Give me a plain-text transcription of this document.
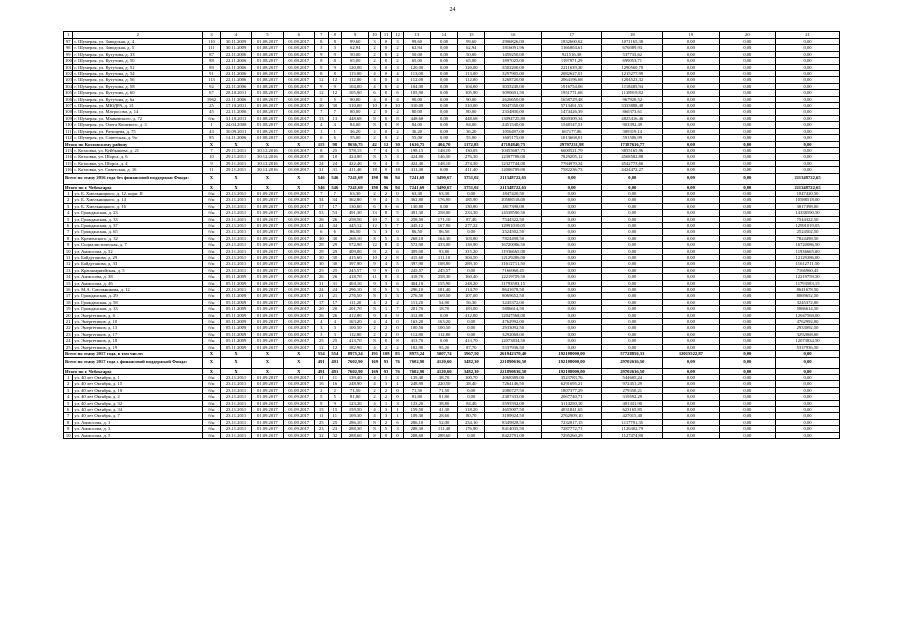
24
1	2	3	4	5	6	7	8	9	10	11	12	13	14	15	16	17	18	19	20	21
97	г. Шумерля, ул. Заводская, д. 4	110	30.11.2009	01.08.2017	01.08.2017	8	8	99,60	3	0	3	99,60	0,00	99,60	2906826,00	1832660,62	1071165,38	0,00	0,00	0,00
98	г. Шумерля, ул. Заводская, д. 5	111	30.11.2009	01.08.2017	01.08.2017	3	3	62,94	2	0	2	62,94	0,00	62,94	1816091,96	1166004,61	676089,93	0,00	0,00	0,00
99	г. Шумерля, ул. Кутузова, д. 33	87	22.11.2006	01.08.2017	01.08.2017	9	9	50,00	2	0	2	50,00	0,00	50,00	1459250,00	921516,38	537733,62	0,00	0,00	0,00
100	г. Шумерля, ул. Кутузова, д. 50	88	22.11.2006	01.08.2017	01.08.2017	8	8	65,00	2	0	2	65,00	0,00	65,00	1897025,00	1197971,29	699053,71	0,00	0,00	0,00
101	г. Шумерля, ул. Кутузова, д. 52	89	22.11.2006	01.08.2017	01.08.2017	9	9	120,00	3	0	3	120,00	0,00	120,00	3502200,00	2211639,30	1290560,70	0,00	0,00	0,00
102	г. Шумерля, ул. Кутузова, д. 54	91	22.11.2006	01.08.2017	01.08.2017	8	8	113,00	4	0	4	113,00	0,00	113,00	3297905,00	2082627,01	1215277,99	0,00	0,00	0,00
103	г. Шумерля, ул. Кутузова, д. 56	113	22.11.2006	01.08.2017	01.08.2017	12	12	112,00	4	0	4	112,00	0,00	112,00	3268720,00	2064196,68	1204523,32	0,00	0,00	0,00
104	г. Шумерля, ул. Кутузова, д. 58	92	22.11.2006	01.08.2017	01.08.2017	9	9	104,00	4	0	4	104,00	0,00	104,00	3035240,00	1916754,06	1118485,94	0,00	0,00	0,00
105	г. Шумерля, ул. Кутузова, д. 60	67	28.10.2011	01.08.2017	01.08.2017	12	12	105,90	6	0	6	105,90	0,00	105,90	3090691,50	1951771,68	1138919,82	0,00	0,00	0,00
106	г. Шумерля, ул. Кутузова, д. 6а	1962	22.11.2006	01.08.2017	01.08.2017	5	5	90,00	4	0	4	90,00	0,00	90,00	2626650,00	1658729,48	967920,52	0,00	0,00	0,00
107	г. Шумерля, ул. МЮДРА, д. 21	25	17.10.2011	01.08.2017	01.08.2017	30	30	310,00	10	0	10	310,00	0,00	310,00	9047350,00	5713461,53	3333888,48	0,00	0,00	0,00
108	г. Шумерля, ул. Матросова, д. 14	45	22.11.2006	01.08.2017	01.08.2017	7	7	80,00	2	0	2	80,00	0,00	80,00	2334800,00	1474426,39	860373,61	0,00	0,00	0,00
109	г. Шумерля, ул. Маяковского, д. 72	б/н	31.10.2011	01.08.2017	01.08.2017	13	13	448,68	8	0	8	448,68	0,00	448,68	13094725,80	8269309,34	4825416,46	0,00	0,00	0,00
110	г. Шумерля, ул. Олега Кошевого, д. 3	1	24.04.2008	01.08.2017	01.08.2017	4	4	84,00	8	0	8	84,00	0,00	84,00	2451540,00	1548147,51	903392,49	0,00	0,00	0,00
111	г. Шумерля, ул. Ратищева, д. 75	43	30.09.2011	01.08.2017	01.08.2017	1	1	36,20	2	0	2	36,20	0,00	36,20	1056497,00	667177,86	389319,14	0,00	0,00	0,00
112	г. Шумерля, ул. Советская, д. 9а	85	14.11.2006	01.08.2017	01.08.2017	6	6	55,00	2	0	2	55,00	0,00	55,00	1605175,00	1013668,01	591506,99	0,00	0,00	0,00
Итого по Козловскому району		X	X	X	X	115	98	8636,75	42	12	30	1616,75	404,70	1172,05	47184840,75	29797231,98	17387616,77	0,00	0,00	0,00
113	г. Козловка, ул. Куйбышева, д. 21	7	29.11.2011	30.12.2016	01.08.2017	8	25	578,15	7	4	3	198,15	148,10	130,05	10455687,75	6600521,79	3855165,96	0,00	0,00	0,00
114	г. Козловка, ул. Шорса, д. 6	10	29.11.2011	30.12.2016	01.08.2017	18	18	424,80	8	5	3	424,80	146,50	276,30	12397788,00	7829205,12	4568582,88	0,00	0,00	0,00
115	г. Козловка, ул. Шорса, д. 4	9	29.11.2011	30.12.2016	01.08.2017	24	24	422,40	9	4	5	422,40	148,10	274,30	12327744,00	7784970,34	4542773,66	0,00	0,00	0,00
116	г. Козловка, ул. Советская, д. 16	11	29.11.2011	30.12.2016	01.08.2017	31	31	411,40	18	0	18	411,40	0,00	411,40	12006709,00	7582236,73	4424472,27	0,00	0,00	0,00
Всего по этапу 2016 года без финансовой поддержки Фонда:		X	X	X	X	546	546	7241,69	190	96	94	7241,69	3490,67	3751,02	211348722,65	0,00	0,00	0,00	0,00	211348722,65
Итого по г. Чебоксары		X	X	X	X	546	546	7241,69	190	96	94	7241,69	3490,67	3751,02	211348722,65	0,00	0,00	0,00	0,00	211348722,65
1	ул. Б. Хмельницкого, д. 12, корп. II	б/н	23.11.2011	01.09.2017	01.09.2017	7	7	63,30	2	2	0	63,30	63,30	0,00	1847420,50	0,00	0,00	0,00	0,00	1847420,50
2	ул. Б. Хмельницкого, д. 14	б/н	23.11.2011	01.09.2017	01.09.2017	34	34	362,80	9	4	5	362,80	176,90	185,90	10588518,00	0,00	0,00	0,00	0,00	10588518,00
3	ул. Б. Хмельницкого, д. 16	б/н	23.11.2011	01.09.2017	01.09.2017	17	17	130,80	6	0	6	130,80	0,00	130,80	3817398,00	0,00	0,00	0,00	0,00	3817398,00
4	ул. Гражданская, д. 23	б/н	23.11.2011	01.09.2017	01.09.2017	53	53	491,30	13	8	5	491,30	258,00	233,30	14338590,50	0,00	0,00	0,00	0,00	14338590,50
5	ул. Гражданская, д. 33	б/н	23.11.2011	01.09.2017	01.09.2017	26	26	258,50	10	7	3	258,50	171,10	87,40	7544322,50	0,00	0,00	0,00	0,00	7544322,50
6	ул. Гражданская, д. 37	б/н	23.11.2011	01.09.2017	01.09.2017	44	44	445,12	12	5	7	445,12	167,90	277,22	12991019,05	0,00	0,00	0,00	0,00	12991019,05
7	ул. Гражданская, д. 65	б/н	23.11.2011	01.09.2017	01.09.2017	6	6	86,50	3	3	0	86,50	86,50	0,00	2524502,50	0,00	0,00	0,00	0,00	2524502,50
8	ул. Кременского, д. 32	б/н	23.11.2011	01.09.2017	01.09.2017	30	30	268,10	8	5	3	268,10	164,30	103,80	7824498,50	0,00	0,00	0,00	0,00	7824498,50
9	ул. Социалистическая, д. 7	б/н	23.11.2011	01.09.2017	01.09.2017	29	29	572,90	12	8	4	572,90	433,00	139,90	16720086,50	0,00	0,00	0,00	0,00	16720086,50
10	ул. Аммосова, д. 52	б/н	23.11.2011	01.09.2017	01.09.2017	29	29	409,00	8	2	6	409,00	93,80	315,20	11936665,00	0,00	0,00	0,00	0,00	11936665,00
11	ул. Байдуганова, д. 29	б/н	23.11.2011	01.09.2017	01.09.2017	30	30	415,60	10	2	8	415,60	111,10	304,50	12129286,00	0,00	0,00	0,00	0,00	12129286,00
12	ул. Байдуганова, д. 33	б/н	23.11.2011	01.09.2017	01.09.2017	30	30	397,90	9	4	5	397,90	108,80	289,10	11612711,50	0,00	0,00	0,00	0,00	11612711,50
13	ул. Красноармейская, д. 5	б/н	23.11.2011	01.09.2017	01.09.2017	25	25	245,57	9	9	0	245,57	245,57	0,00	7166960,45	0,00	0,00	0,00	0,00	7166960,45
14	ул. Аммосова, д. 38	б/н	05.11.2009	01.09.2017	01.09.2017	26	26	418,70	11	8	3	418,70	258,30	160,40	12219759,50	0,00	0,00	0,00	0,00	12219759,50
15	ул. Аммосова, д. 46	б/н	05.11.2009	01.09.2017	01.09.2017	31	31	404,10	9	3	6	404,10	155,90	248,20	11793583,15	0,00	0,00	0,00	0,00	11793583,15
16	ул. М.А. Сапожникова, д. 12	б/н	23.11.2011	01.09.2017	01.09.2017	24	24	296,10	8	5	3	296,10	181,40	114,70	8641678,50	0,00	0,00	0,00	0,00	8641678,50
17	ул. Гражданская, д. 29	б/н	05.11.2009	01.09.2017	01.09.2017	21	21	276,50	8	5	3	276,50	169,50	107,00	8069652,50	0,00	0,00	0,00	0,00	8069652,50
18	ул. Гражданская, д. 58	б/н	05.11.2009	01.09.2017	01.09.2017	17	17	111,20	4	2	2	111,20	54,90	56,30	3245372,00	0,00	0,00	0,00	0,00	3245372,00
19	ул. Гражданская, д. 33	б/н	05.11.2009	01.09.2017	01.09.2017	20	20	201,70	8	1	7	201,70	18,70	183,00	5886614,50	0,00	0,00	0,00	0,00	5886614,50
20	ул. Энергетиков, д. 6	б/н	05.11.2009	01.09.2017	01.09.2017	26	26	412,80	9	0	9	412,80	0,00	412,80	12047568,00	0,00	0,00	0,00	0,00	12047568,00
21	ул. Энергетиков, д. 10	б/н	05.11.2009	01.09.2017	01.09.2017	4	4	163,20	4	4	0	163,20	163,20	0,00	4762992,00	0,00	0,00	0,00	0,00	4762992,00
22	ул. Энергетиков, д. 13	б/н	05.11.2009	01.09.2017	01.09.2017	3	3	100,50	2	2	0	100,50	100,50	0,00	2933092,50	0,00	0,00	0,00	0,00	2933092,50
23	ул. Энергетиков, д. 17	б/н	05.11.2009	01.09.2017	01.09.2017	3	3	112,80	2	2	0	112,80	112,80	0,00	3292068,00	0,00	0,00	0,00	0,00	3292068,00
24	ул. Энергетиков, д. 18	б/н	05.11.2009	01.09.2017	01.09.2017	25	25	413,70	8	0	8	413,70	0,00	413,70	12073834,50	0,00	0,00	0,00	0,00	12073834,50
25	ул. Энергетиков, д. 19	б/н	05.11.2009	01.09.2017	01.09.2017	12	12	182,90	4	2	2	182,90	95,20	87,70	5337936,50	0,00	0,00	0,00	0,00	5337936,50
Всего по этапу 2017 года, в том числе:		X	X	X	X	554	554	8975,24	191	108	83	8975,24	5007,74	3967,50	261942379,40	192188000,00	57728856,33	12015522,87	0,00	0,00
Всего по этапу 2017 года с финансовой поддержкой Фонда:		X	X	X	X	491	491	7602,90	169	93	76	7602,90	4120,60	3482,30	221890636,50	192188000,00	29702636,50	0,00	0,00	0,00
Итого по г. Чебоксары		X	X	X	X	491	491	7602,90	169	93	76	7602,90	4120,60	3482,30	221890636,50	192188000,00	29702636,50	0,00	0,00	0,00
1	ул. 40 лет Октября, д. 1	б/н	23.11.2011	01.09.2017	01.09.2017	11	11	139,40	4	1	3	139,40	38,70	100,70	4068389,00	3523783,76	544605,24	0,00	0,00	0,00
2	ул. 40 лет Октября, д. 15	б/н	23.11.2011	01.09.2017	01.09.2017	16	16	248,90	4	3	1	248,90	220,50	28,40	7264146,50	6291695,21	972451,29	0,00	0,00	0,00
3	ул. 40 лет Октября, д. 18	б/н	23.11.2011	01.09.2017	01.09.2017	2	2	71,50	2	2	0	71,50	71,50	0,00	2086727,50	1807377,29	279350,21	0,00	0,00	0,00
4	ул. 40 лет Октября, д. 2	б/н	23.11.2011	01.09.2017	01.09.2017	5	5	81,80	2	2	0	81,80	81,80	0,00	2387333,00	2067740,71	319592,29	0,00	0,00	0,00
5	ул. 40 лет Октября, д. 32	б/н	23.11.2011	01.09.2017	01.09.2017	9	9	123,20	4	1	3	123,20	38,80	84,40	3595592,00	3114250,10	481341,90	0,00	0,00	0,00
6	ул. 40 лет Октября, д. 34	б/н	23.11.2011	01.09.2017	01.09.2017	15	15	159,50	4	3	1	159,50	41,30	118,20	4655007,50	4031841,65	623165,85	0,00	0,00	0,00
7	ул. 40 лет Октября, д. 7	б/н	23.11.2011	01.09.2017	01.09.2017	11	11	109,30	4	3	1	109,30	28,60	80,70	3189924,50	2762909,10	427015,40	0,00	0,00	0,00
8	ул. Аммосова, д. 1	б/н	23.11.2011	01.09.2017	01.09.2017	25	25	286,10	8	2	6	286,10	52,00	234,10	8349828,50	7232017,15	1117791,35	0,00	0,00	0,00
9	ул. Аммосова, д. 3	б/н	23.11.2011	01.09.2017	01.09.2017	23	23	288,30	8	5	3	288,30	111,40	176,90	8414035,50	7287772,71	1126302,79	0,00	0,00	0,00
10	ул. Аммосова, д. 5	б/н	23.11.2011	01.09.2017	01.09.2017	32	32	288,60	8	8	0	288,60	288,60	0,00	8422791,00	7295260,29	1127474,80	0,00	0,00	0,00
